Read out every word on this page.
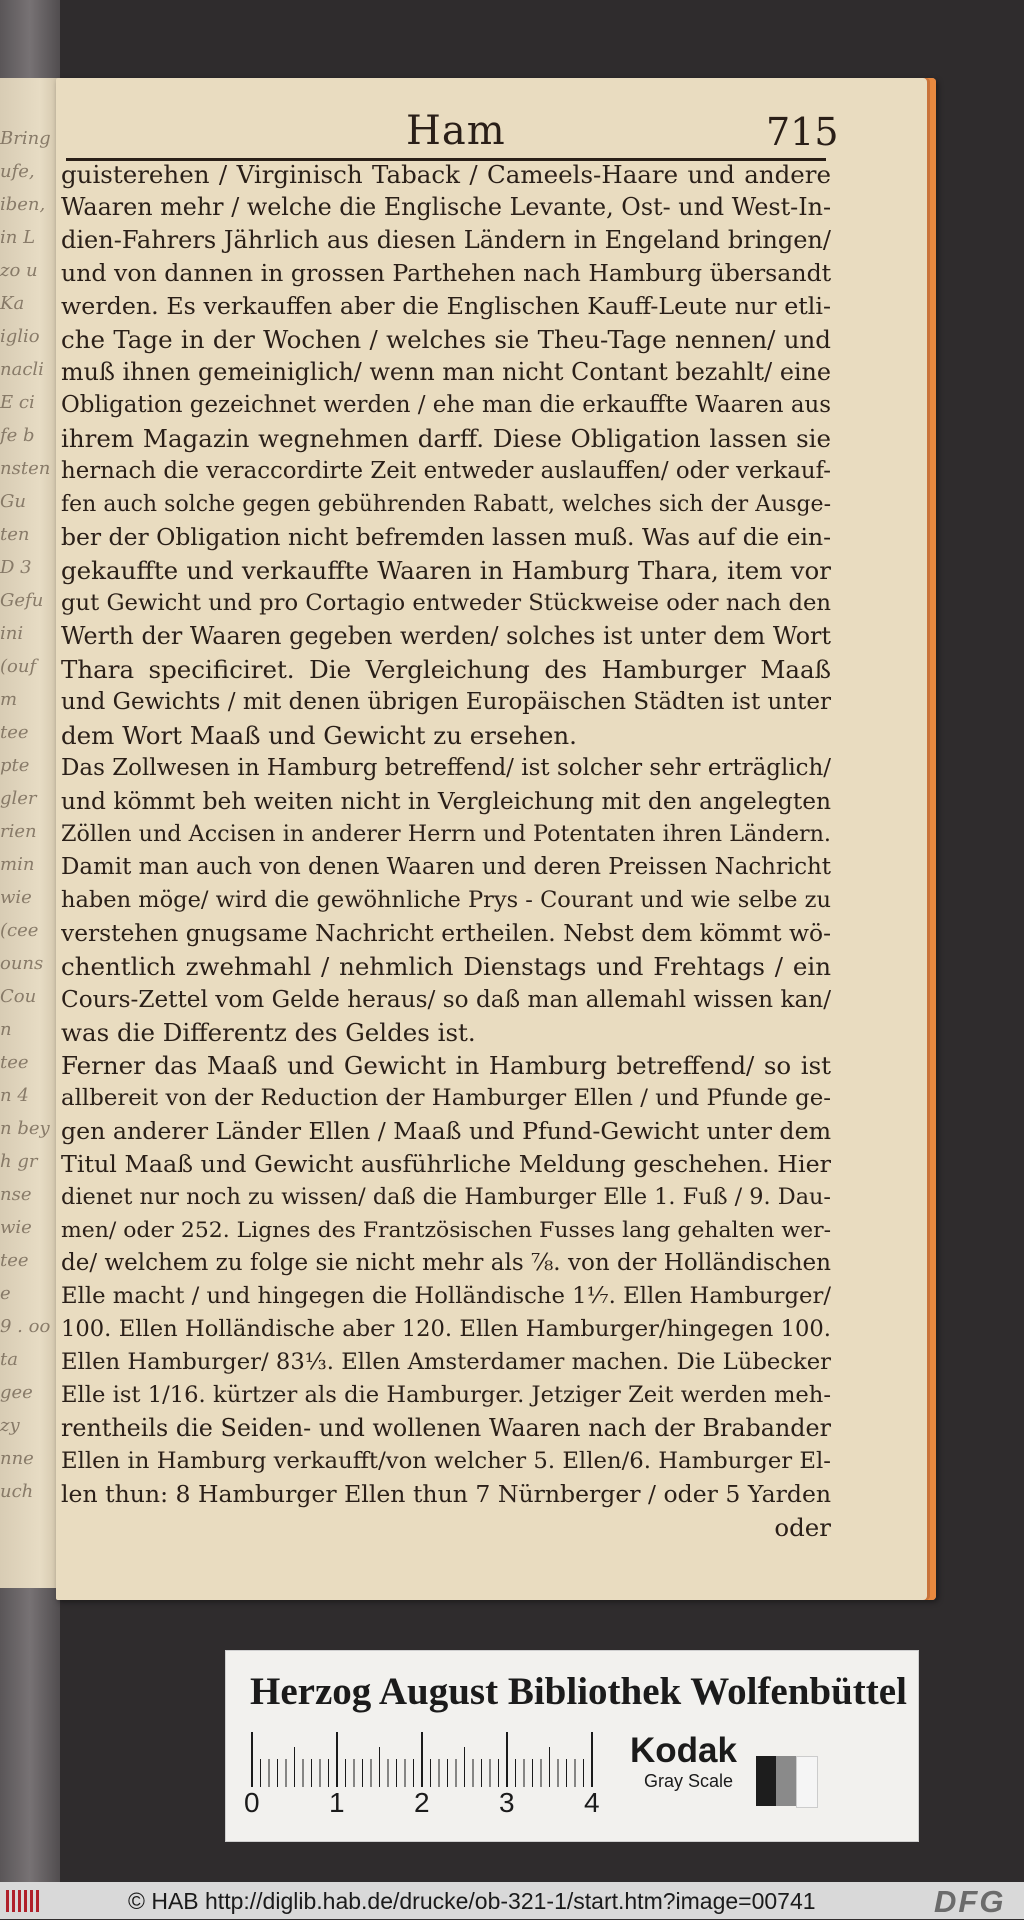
Bring
ufe,
iben,
in L
zo u
Ka
iglio
nacli
E ci
fe b
nsten
Gu
ten
D 3
Gefu
ini
(ouf
m
tee
pte
gler
rien
min
wie
(cee
ouns
Cou
n
tee
n 4
n bey
h gr
nse
wie
tee
e
9 . oo
ta
gee
zy
nne
uch
Ham	715
guisterehen / Virginisch Taback / Cameels-Haare und andere
Waaren mehr / welche die Englische Levante, Ost- und West-In-
dien-Fahrers Jährlich aus diesen Ländern in Engeland bringen/
und von dannen in grossen Parthehen nach Hamburg übersandt
werden. Es verkauffen aber die Englischen Kauff-Leute nur etli-
che Tage in der Wochen / welches sie Theu-Tage nennen/ und
muß ihnen gemeiniglich/ wenn man nicht Contant bezahlt/ eine
Obligation gezeichnet werden / ehe man die erkauffte Waaren aus
ihrem Magazin wegnehmen darff. Diese Obligation lassen sie
hernach die veraccordirte Zeit entweder auslauffen/ oder verkauf-
fen auch solche gegen gebührenden Rabatt, welches sich der Ausge-
ber der Obligation nicht befremden lassen muß. Was auf die ein-
gekauffte und verkauffte Waaren in Hamburg Thara, item vor
gut Gewicht und pro Cortagio entweder Stückweise oder nach den
Werth der Waaren gegeben werden/ solches ist unter dem Wort
Thara specificiret. Die Vergleichung des Hamburger Maaß
und Gewichts / mit denen übrigen Europäischen Städten ist unter
dem Wort Maaß und Gewicht zu ersehen.
Das Zollwesen in Hamburg betreffend/ ist solcher sehr erträglich/
und kömmt beh weiten nicht in Vergleichung mit den angelegten
Zöllen und Accisen in anderer Herrn und Potentaten ihren Ländern.
Damit man auch von denen Waaren und deren Preissen Nachricht
haben möge/ wird die gewöhnliche Prys - Courant und wie selbe zu
verstehen gnugsame Nachricht ertheilen. Nebst dem kömmt wö-
chentlich zwehmahl / nehmlich Dienstags und Frehtags / ein
Cours-Zettel vom Gelde heraus/ so daß man allemahl wissen kan/
was die Differentz des Geldes ist.
Ferner das Maaß und Gewicht in Hamburg betreffend/ so ist
allbereit von der Reduction der Hamburger Ellen / und Pfunde ge-
gen anderer Länder Ellen / Maaß und Pfund-Gewicht unter dem
Titul Maaß und Gewicht ausführliche Meldung geschehen. Hier
dienet nur noch zu wissen/ daß die Hamburger Elle 1. Fuß / 9. Dau-
men/ oder 252. Lignes des Frantzösischen Fusses lang gehalten wer-
de/ welchem zu folge sie nicht mehr als ⅞. von der Holländischen
Elle macht / und hingegen die Holländische 1⅐. Ellen Hamburger/
100. Ellen Holländische aber 120. Ellen Hamburger/hingegen 100.
Ellen Hamburger/ 83⅓. Ellen Amsterdamer machen. Die Lübecker
Elle ist 1/16. kürtzer als die Hamburger. Jetziger Zeit werden meh-
rentheils die Seiden- und wollenen Waaren nach der Brabander
Ellen in Hamburg verkaufft/von welcher 5. Ellen/6. Hamburger El-
len thun: 8 Hamburger Ellen thun 7 Nürnberger / oder 5 Yarden
oder
Herzog August Bibliothek Wolfenbüttel
0 1 2 3 4
Kodak
Gray Scale
© HAB http://diglib.hab.de/drucke/ob-321-1/start.htm?image=00741	DFG
